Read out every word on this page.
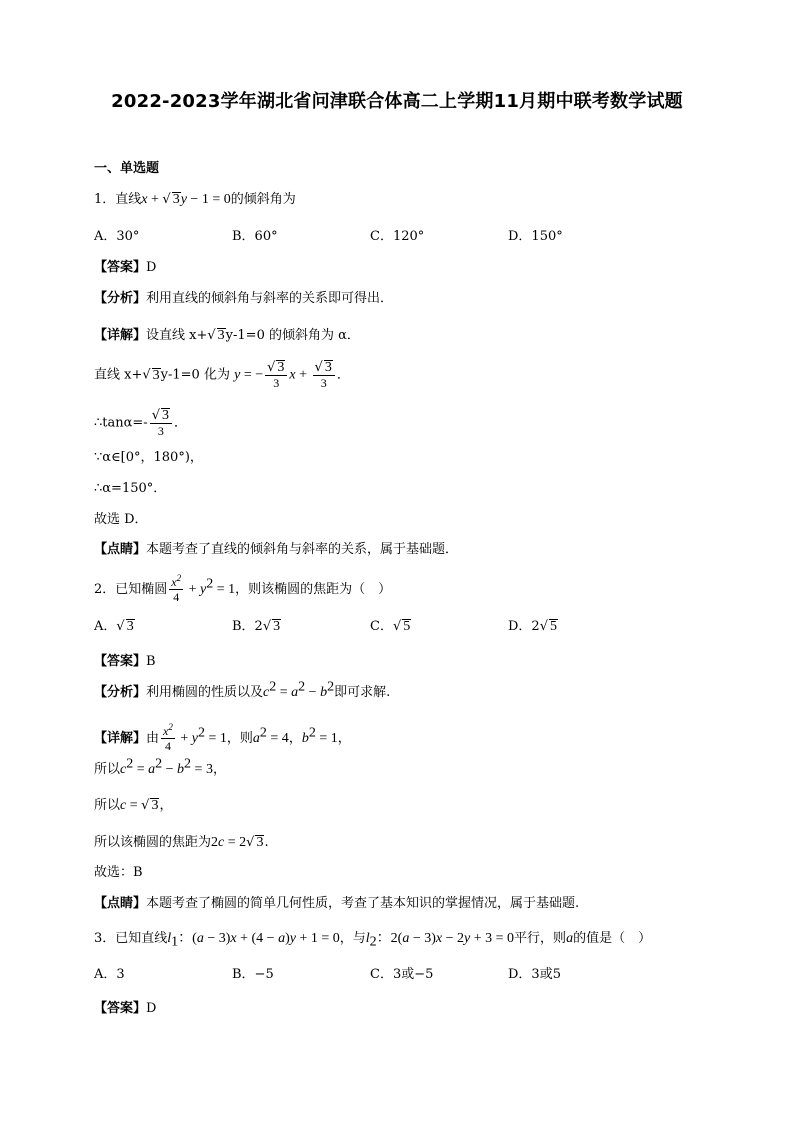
2022-2023学年湖北省问津联合体高二上学期11月期中联考数学试题
一、单选题
1．直线x + √ 3y − 1 = 0的倾斜角为
A．30°	B．60°	C．120°	D．150°
【答案】D
【分析】利用直线的倾斜角与斜率的关系即可得出．
【详解】设直线 x+√ 3y-1=0 的倾斜角为 α．
直线 x+√ 3y-1=0 化为 y = − $\frac{√ 3}{3}$ $x + \frac{√ 3}{3}$ ．
∴tanα=- $\frac{√ 3}{3}$ ．
∵α∈[0°，180°)，
∴α=150°．
故选 D．
【点睛】本题考查了直线的倾斜角与斜率的关系，属于基础题．
2．已知椭圆 $\frac{x^2}{4} + y^2 = 1$，则该椭圆的焦距为（　）
A．√ 3	B．2√ 3	C．√ 5	D．2√ 5
【答案】B
【分析】利用椭圆的性质以及$c^2 = a^2 - b^2$即可求解.
【详解】由 $\frac{x^2}{4} + y^2 = 1$，则$a^2 = 4$，$b^2 = 1$，
所以$c^2 = a^2 - b^2 = 3$，
所以c = √ 3，
所以该椭圆的焦距为2c = 2√ 3.
故选：B
【点睛】本题考查了椭圆的简单几何性质，考查了基本知识的掌握情况，属于基础题.
3．已知直线$l_1$：(a − 3)x + (4 − a)y + 1 = 0，与$l_2$：2(a − 3)x − 2y + 3 = 0平行，则a的值是（　）
A．3	B．−5	C．3或−5	D．3或5
【答案】D
